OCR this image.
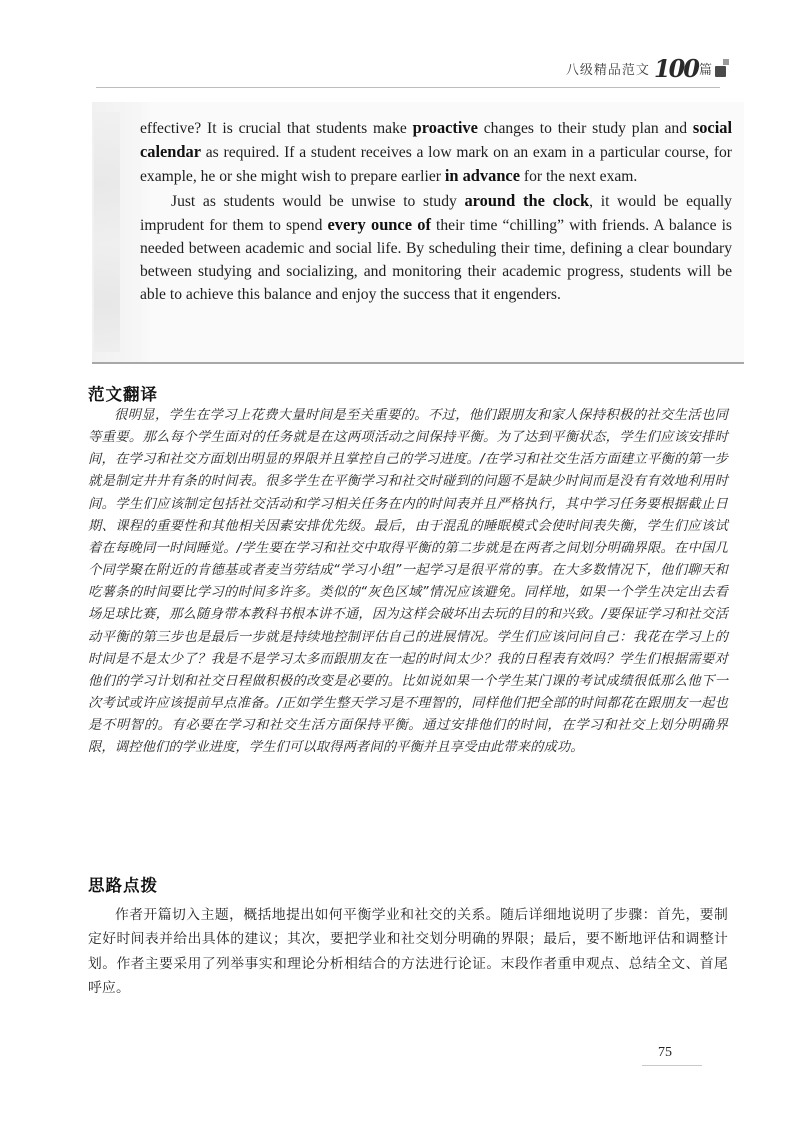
八级精品范文 100 篇

effective? It is crucial that students make proactive changes to their study plan and social calendar as required. If a student receives a low mark on an exam in a particular course, for example, he or she might wish to prepare earlier in advance for the next exam.

Just as students would be unwise to study around the clock, it would be equally imprudent for them to spend every ounce of their time “chilling” with friends. A balance is needed between academic and social life. By scheduling their time, defining a clear boundary between studying and socializing, and monitoring their academic progress, students will be able to achieve this balance and enjoy the success that it engenders.

范文翻译
很明显，学生在学习上花费大量时间是至关重要的。不过，他们跟朋友和家人保持积极的社交生活也同等重要。那么每个学生面对的任务就是在这两项活动之间保持平衡。为了达到平衡状态，学生们应该安排时间，在学习和社交方面划出明显的界限并且掌控自己的学习进度。/在学习和社交生活方面建立平衡的第一步就是制定井井有条的时间表。很多学生在平衡学习和社交时碰到的问题不是缺少时间而是没有有效地利用时间。学生们应该制定包括社交活动和学习相关任务在内的时间表并且严格执行，其中学习任务要根据截止日期、课程的重要性和其他相关因素安排优先级。最后，由于混乱的睡眠模式会使时间表失衡，学生们应该试着在每晚同一时间睡觉。/学生要在学习和社交中取得平衡的第二步就是在两者之间划分明确界限。在中国几个同学聚在附近的肯德基或者麦当劳结成“学习小组”一起学习是很平常的事。在大多数情况下，他们聊天和吃薯条的时间要比学习的时间多许多。类似的“灰色区域”情况应该避免。同样地，如果一个学生决定出去看场足球比赛，那么随身带本教科书根本讲不通，因为这样会破坏出去玩的目的和兴致。/要保证学习和社交活动平衡的第三步也是最后一步就是持续地控制评估自己的进展情况。学生们应该问问自己：我花在学习上的时间是不是太少了？我是不是学习太多而跟朋友在一起的时间太少？我的日程表有效吗？学生们根据需要对他们的学习计划和社交日程做积极的改变是必要的。比如说如果一个学生某门课的考试成绩很低那么他下一次考试或许应该提前早点准备。/正如学生整天学习是不理智的，同样他们把全部的时间都花在跟朋友一起也是不明智的。有必要在学习和社交生活方面保持平衡。通过安排他们的时间，在学习和社交上划分明确界限，调控他们的学业进度，学生们可以取得两者间的平衡并且享受由此带来的成功。
思路点拨
作者开篇切入主题，概括地提出如何平衡学业和社交的关系。随后详细地说明了步骤：首先，要制定好时间表并给出具体的建议；其次，要把学业和社交划分明确的界限；最后，要不断地评估和调整计划。作者主要采用了列举事实和理论分析相结合的方法进行论证。末段作者重申观点、总结全文、首尾呼应。
75
